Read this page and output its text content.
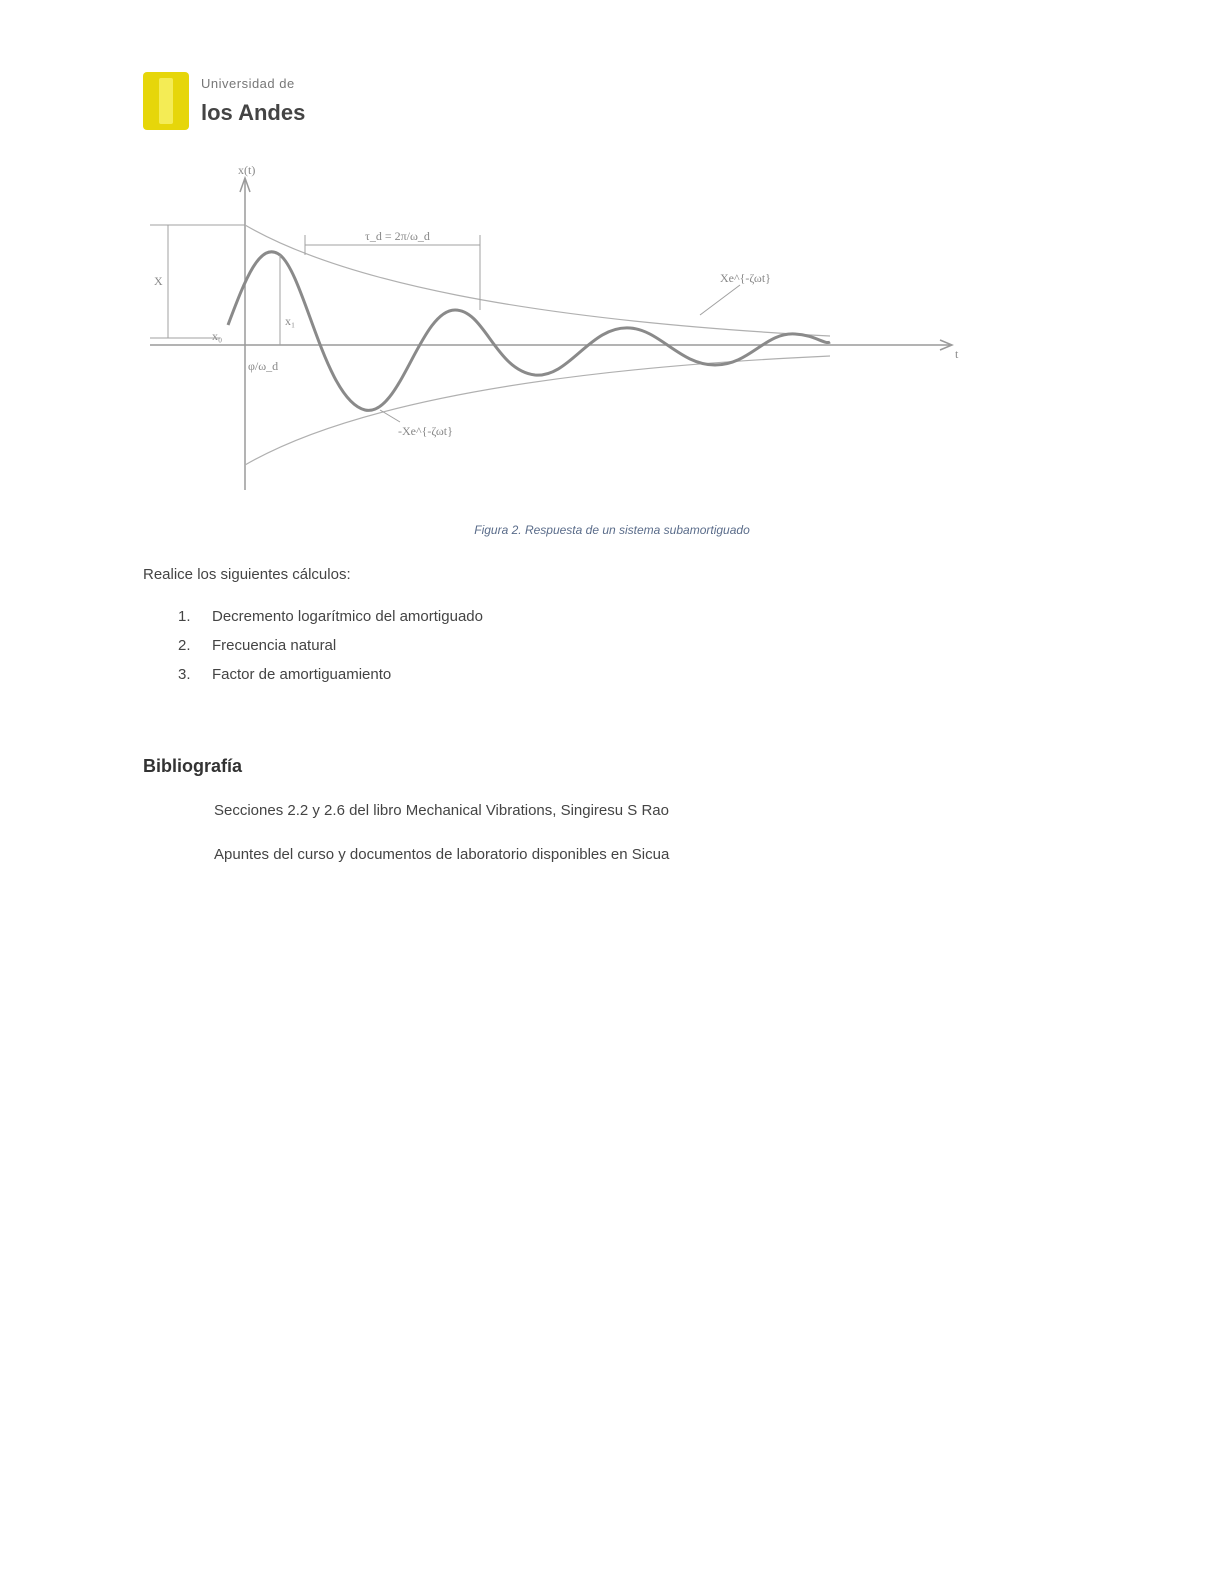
Universidad de
los Andes
x(t)
t
τ_d = 2π/ω_d
Xe^{-ζωt}
-Xe^{-ζωt}
X
x₁
x₀
φ/ω_d
Figura 2. Respuesta de un sistema subamortiguado
Realice los siguientes cálculos:
1.	Decremento logarítmico del amortiguado
2.	Frecuencia natural
3.	Factor de amortiguamiento
Bibliografía
Secciones 2.2 y 2.6 del libro Mechanical Vibrations, Singiresu S Rao
Apuntes del curso y documentos de laboratorio disponibles en Sicua
